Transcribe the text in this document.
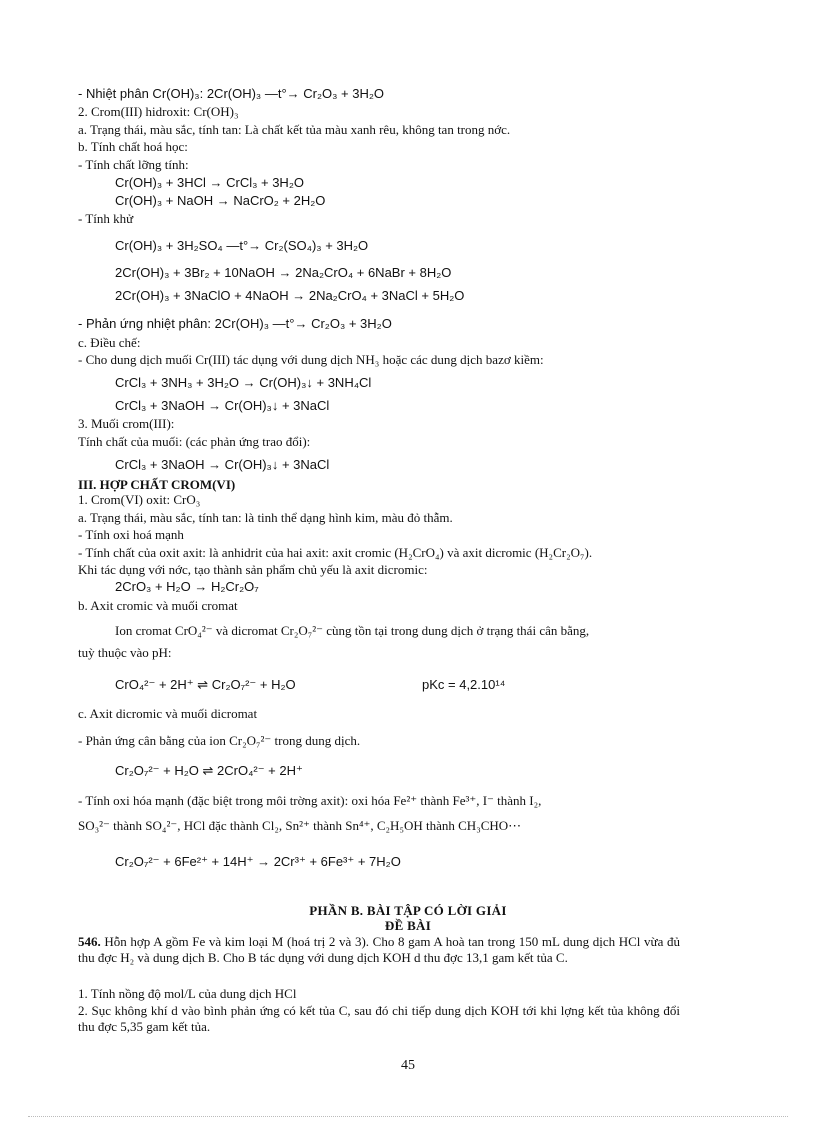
- Nhiệt phân Cr(OH)₃: 2Cr(OH)₃ —t°→ Cr₂O₃ + 3H₂O
2. Crom(III) hidroxit: Cr(OH)₃
a. Trạng thái, màu sắc, tính tan: Là chất kết tủa màu xanh rêu, không tan trong nớc.
b. Tính chất hoá học:
- Tính chất lỡng tính:
Cr(OH)₃ + 3HCl → CrCl₃ + 3H₂O
Cr(OH)₃ + NaOH → NaCrO₂ + 2H₂O
- Tính khử
Cr(OH)₃ + 3H₂SO₄ —t°→ Cr₂(SO₄)₃ + 3H₂O
2Cr(OH)₃ + 3Br₂ + 10NaOH → 2Na₂CrO₄ + 6NaBr + 8H₂O
2Cr(OH)₃ + 3NaClO + 4NaOH → 2Na₂CrO₄ + 3NaCl + 5H₂O
- Phản ứng nhiệt phân: 2Cr(OH)₃ —t°→ Cr₂O₃ + 3H₂O
c. Điều chế:
- Cho dung dịch muối Cr(III) tác dụng với dung dịch NH₃ hoặc các dung dịch bazơ kiềm:
CrCl₃ + 3NH₃ + 3H₂O → Cr(OH)₃↓ + 3NH₄Cl
CrCl₃ + 3NaOH → Cr(OH)₃↓ + 3NaCl
3. Muối crom(III):
Tính chất của muối: (các phản ứng trao đổi):
CrCl₃ + 3NaOH → Cr(OH)₃↓ + 3NaCl
III. HỢP CHẤT CROM(VI)
1. Crom(VI) oxit: CrO₃
a. Trạng thái, màu sắc, tính tan: là tinh thể dạng hình kim, màu đỏ thẫm.
- Tính oxi hoá mạnh
- Tính chất của oxit axit: là anhidrit của hai axit: axit cromic (H₂CrO₄) và axit dicromic (H₂Cr₂O₇).
Khi tác dụng với nớc, tạo thành sản phẩm chủ yếu là axit dicromic:
2CrO₃ + H₂O → H₂Cr₂O₇
b. Axit cromic và muối cromat
Ion cromat CrO₄²⁻ và dicromat Cr₂O₇²⁻ cùng tồn tại trong dung dịch ở trạng thái cân bằng,
tuỳ thuộc vào pH:
CrO₄²⁻ + 2H⁺ ⇌ Cr₂O₇²⁻ + H₂O	pKc = 4,2.10¹⁴
c. Axit dicromic và muối dicromat
- Phản ứng cân bằng của ion Cr₂O₇²⁻ trong dung dịch.
Cr₂O₇²⁻ + H₂O ⇌ 2CrO₄²⁻ + 2H⁺
- Tính oxi hóa mạnh (đặc biệt trong môi trờng axit): oxi hóa Fe²⁺ thành Fe³⁺, I⁻ thành I₂,
SO₃²⁻ thành SO₄²⁻, HCl đặc thành Cl₂, Sn²⁺ thành Sn⁴⁺, C₂H₅OH thành CH₃CHO⋯
Cr₂O₇²⁻ + 6Fe²⁺ + 14H⁺ → 2Cr³⁺ + 6Fe³⁺ + 7H₂O
PHẦN B. BÀI TẬP CÓ LỜI GIẢI
ĐỀ BÀI
546. Hỗn hợp A gồm Fe và kim loại M (hoá trị 2 và 3). Cho 8 gam A hoà tan trong 150 mL dung dịch HCl vừa đủ thu đợc H₂ và dung dịch B. Cho B tác dụng với dung dịch KOH d thu đợc 13,1 gam kết tủa C.
1. Tính nồng độ mol/L của dung dịch HCl
2. Sục không khí d vào bình phản ứng có kết tủa C, sau đó chi tiếp dung dịch KOH tới khi lợng kết tủa không đổi thu đợc 5,35 gam kết tủa.
45
